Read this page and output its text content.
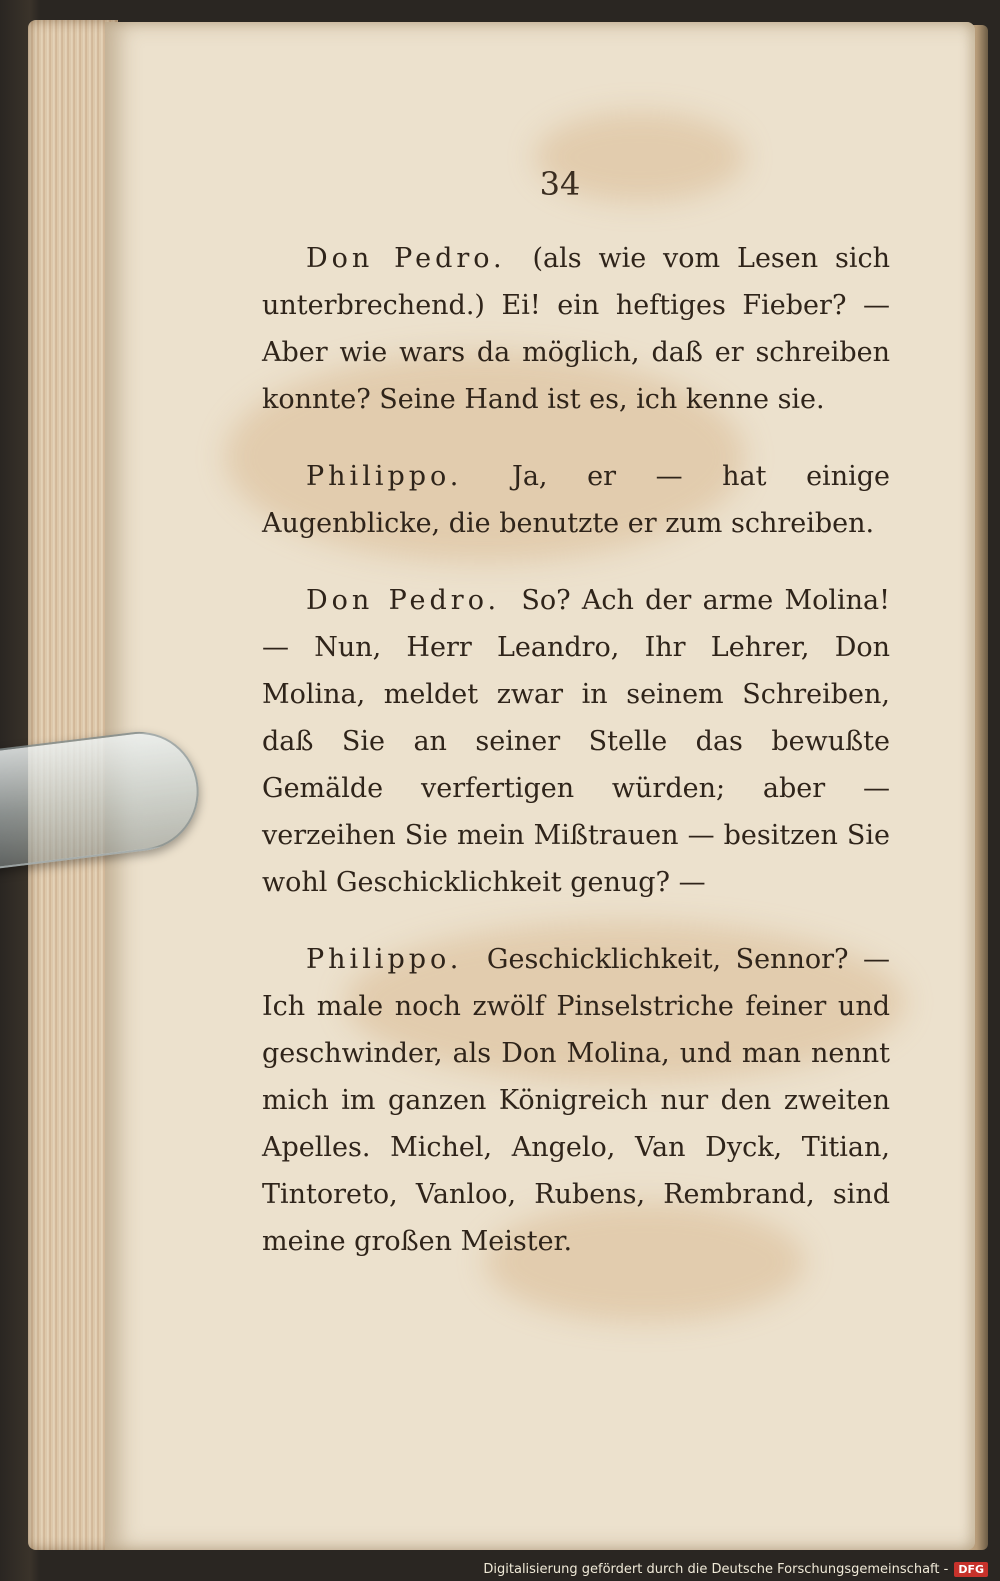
34

Don Pedro. (als wie vom Lesen sich unterbrechend.) Ei! ein heftiges Fieber? — Aber wie wars da möglich, daß er schreiben konnte? Seine Hand ist es, ich kenne sie.

Philippo. Ja, er — hat einige Augenblicke, die benutzte er zum schreiben.

Don Pedro. So? Ach der arme Molina! — Nun, Herr Leandro, Ihr Lehrer, Don Molina, meldet zwar in seinem Schreiben, daß Sie an seiner Stelle das bewußte Gemälde verfertigen würden; aber — verzeihen Sie mein Mißtrauen — besitzen Sie wohl Geschicklichkeit genug? —

Philippo. Geschicklichkeit, Sennor? — Ich male noch zwölf Pinselstriche feiner und geschwinder, als Don Molina, und man nennt mich im ganzen Königreich nur den zweiten Apelles. Michel, Angelo, Van Dyck, Titian, Tintoreto, Vanloo, Rubens, Rembrand, sind meine großen Meister.

Digitalisierung gefördert durch die Deutsche Forschungsgemeinschaft - DFG
